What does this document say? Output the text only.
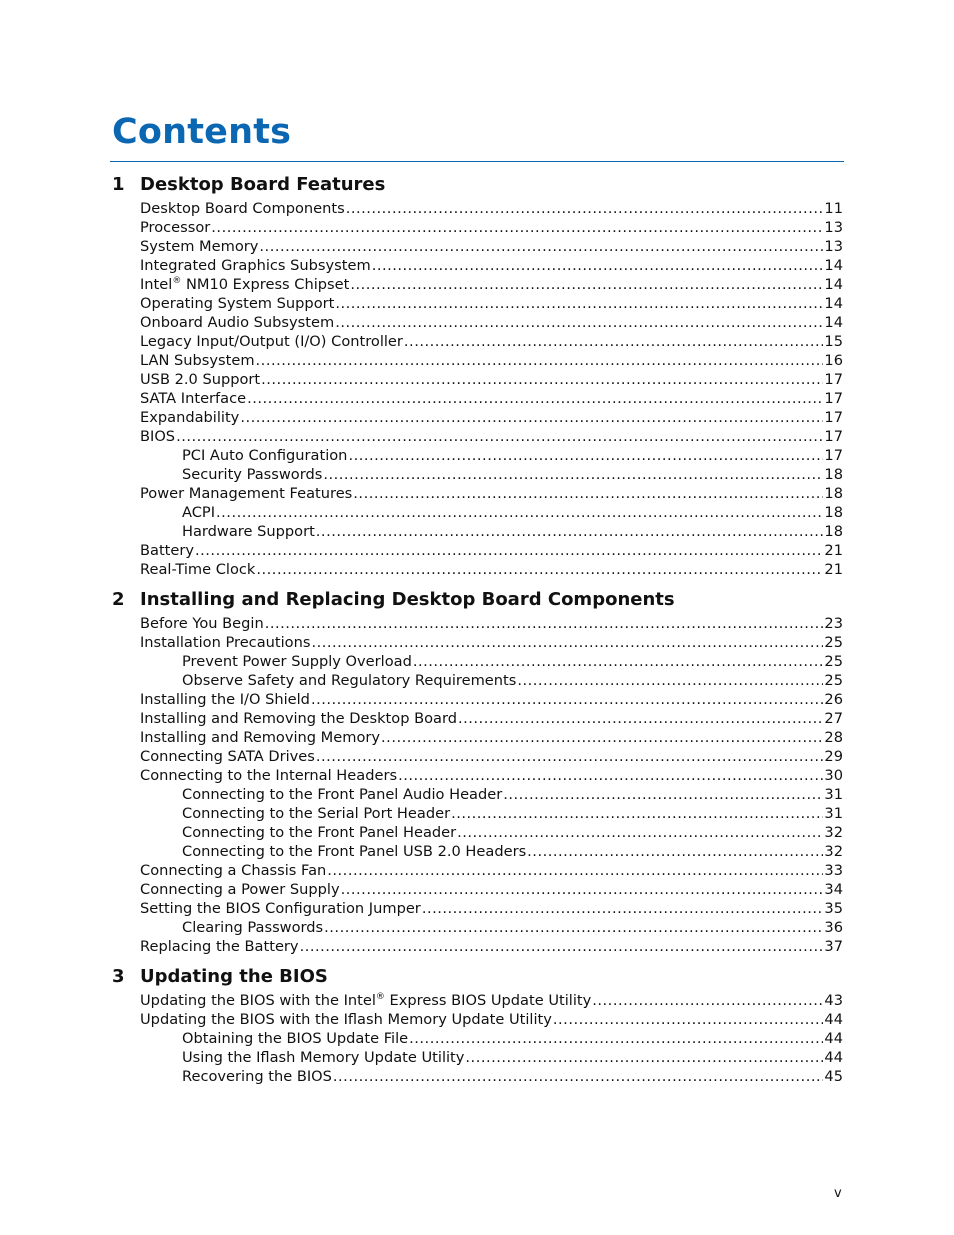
Contents
1 Desktop Board Features
Desktop Board Components .....	11
Processor .....	13
System Memory .....	13
Integrated Graphics Subsystem .....	14
Intel® NM10 Express Chipset .....	14
Operating System Support .....	14
Onboard Audio Subsystem .....	14
Legacy Input/Output (I/O) Controller .....	15
LAN Subsystem .....	16
USB 2.0 Support .....	17
SATA Interface .....	17
Expandability .....	17
BIOS .....	17
PCI Auto Configuration .....	17
Security Passwords .....	18
Power Management Features .....	18
ACPI .....	18
Hardware Support .....	18
Battery .....	21
Real-Time Clock .....	21
2 Installing and Replacing Desktop Board Components
Before You Begin .....	23
Installation Precautions .....	25
Prevent Power Supply Overload .....	25
Observe Safety and Regulatory Requirements .....	25
Installing the I/O Shield .....	26
Installing and Removing the Desktop Board .....	27
Installing and Removing Memory .....	28
Connecting SATA Drives .....	29
Connecting to the Internal Headers .....	30
Connecting to the Front Panel Audio Header .....	31
Connecting to the Serial Port Header .....	31
Connecting to the Front Panel Header .....	32
Connecting to the Front Panel USB 2.0 Headers .....	32
Connecting a Chassis Fan .....	33
Connecting a Power Supply .....	34
Setting the BIOS Configuration Jumper .....	35
Clearing Passwords .....	36
Replacing the Battery .....	37
3 Updating the BIOS
Updating the BIOS with the Intel® Express BIOS Update Utility .....	43
Updating the BIOS with the Iflash Memory Update Utility .....	44
Obtaining the BIOS Update File .....	44
Using the Iflash Memory Update Utility .....	44
Recovering the BIOS .....	45
v
